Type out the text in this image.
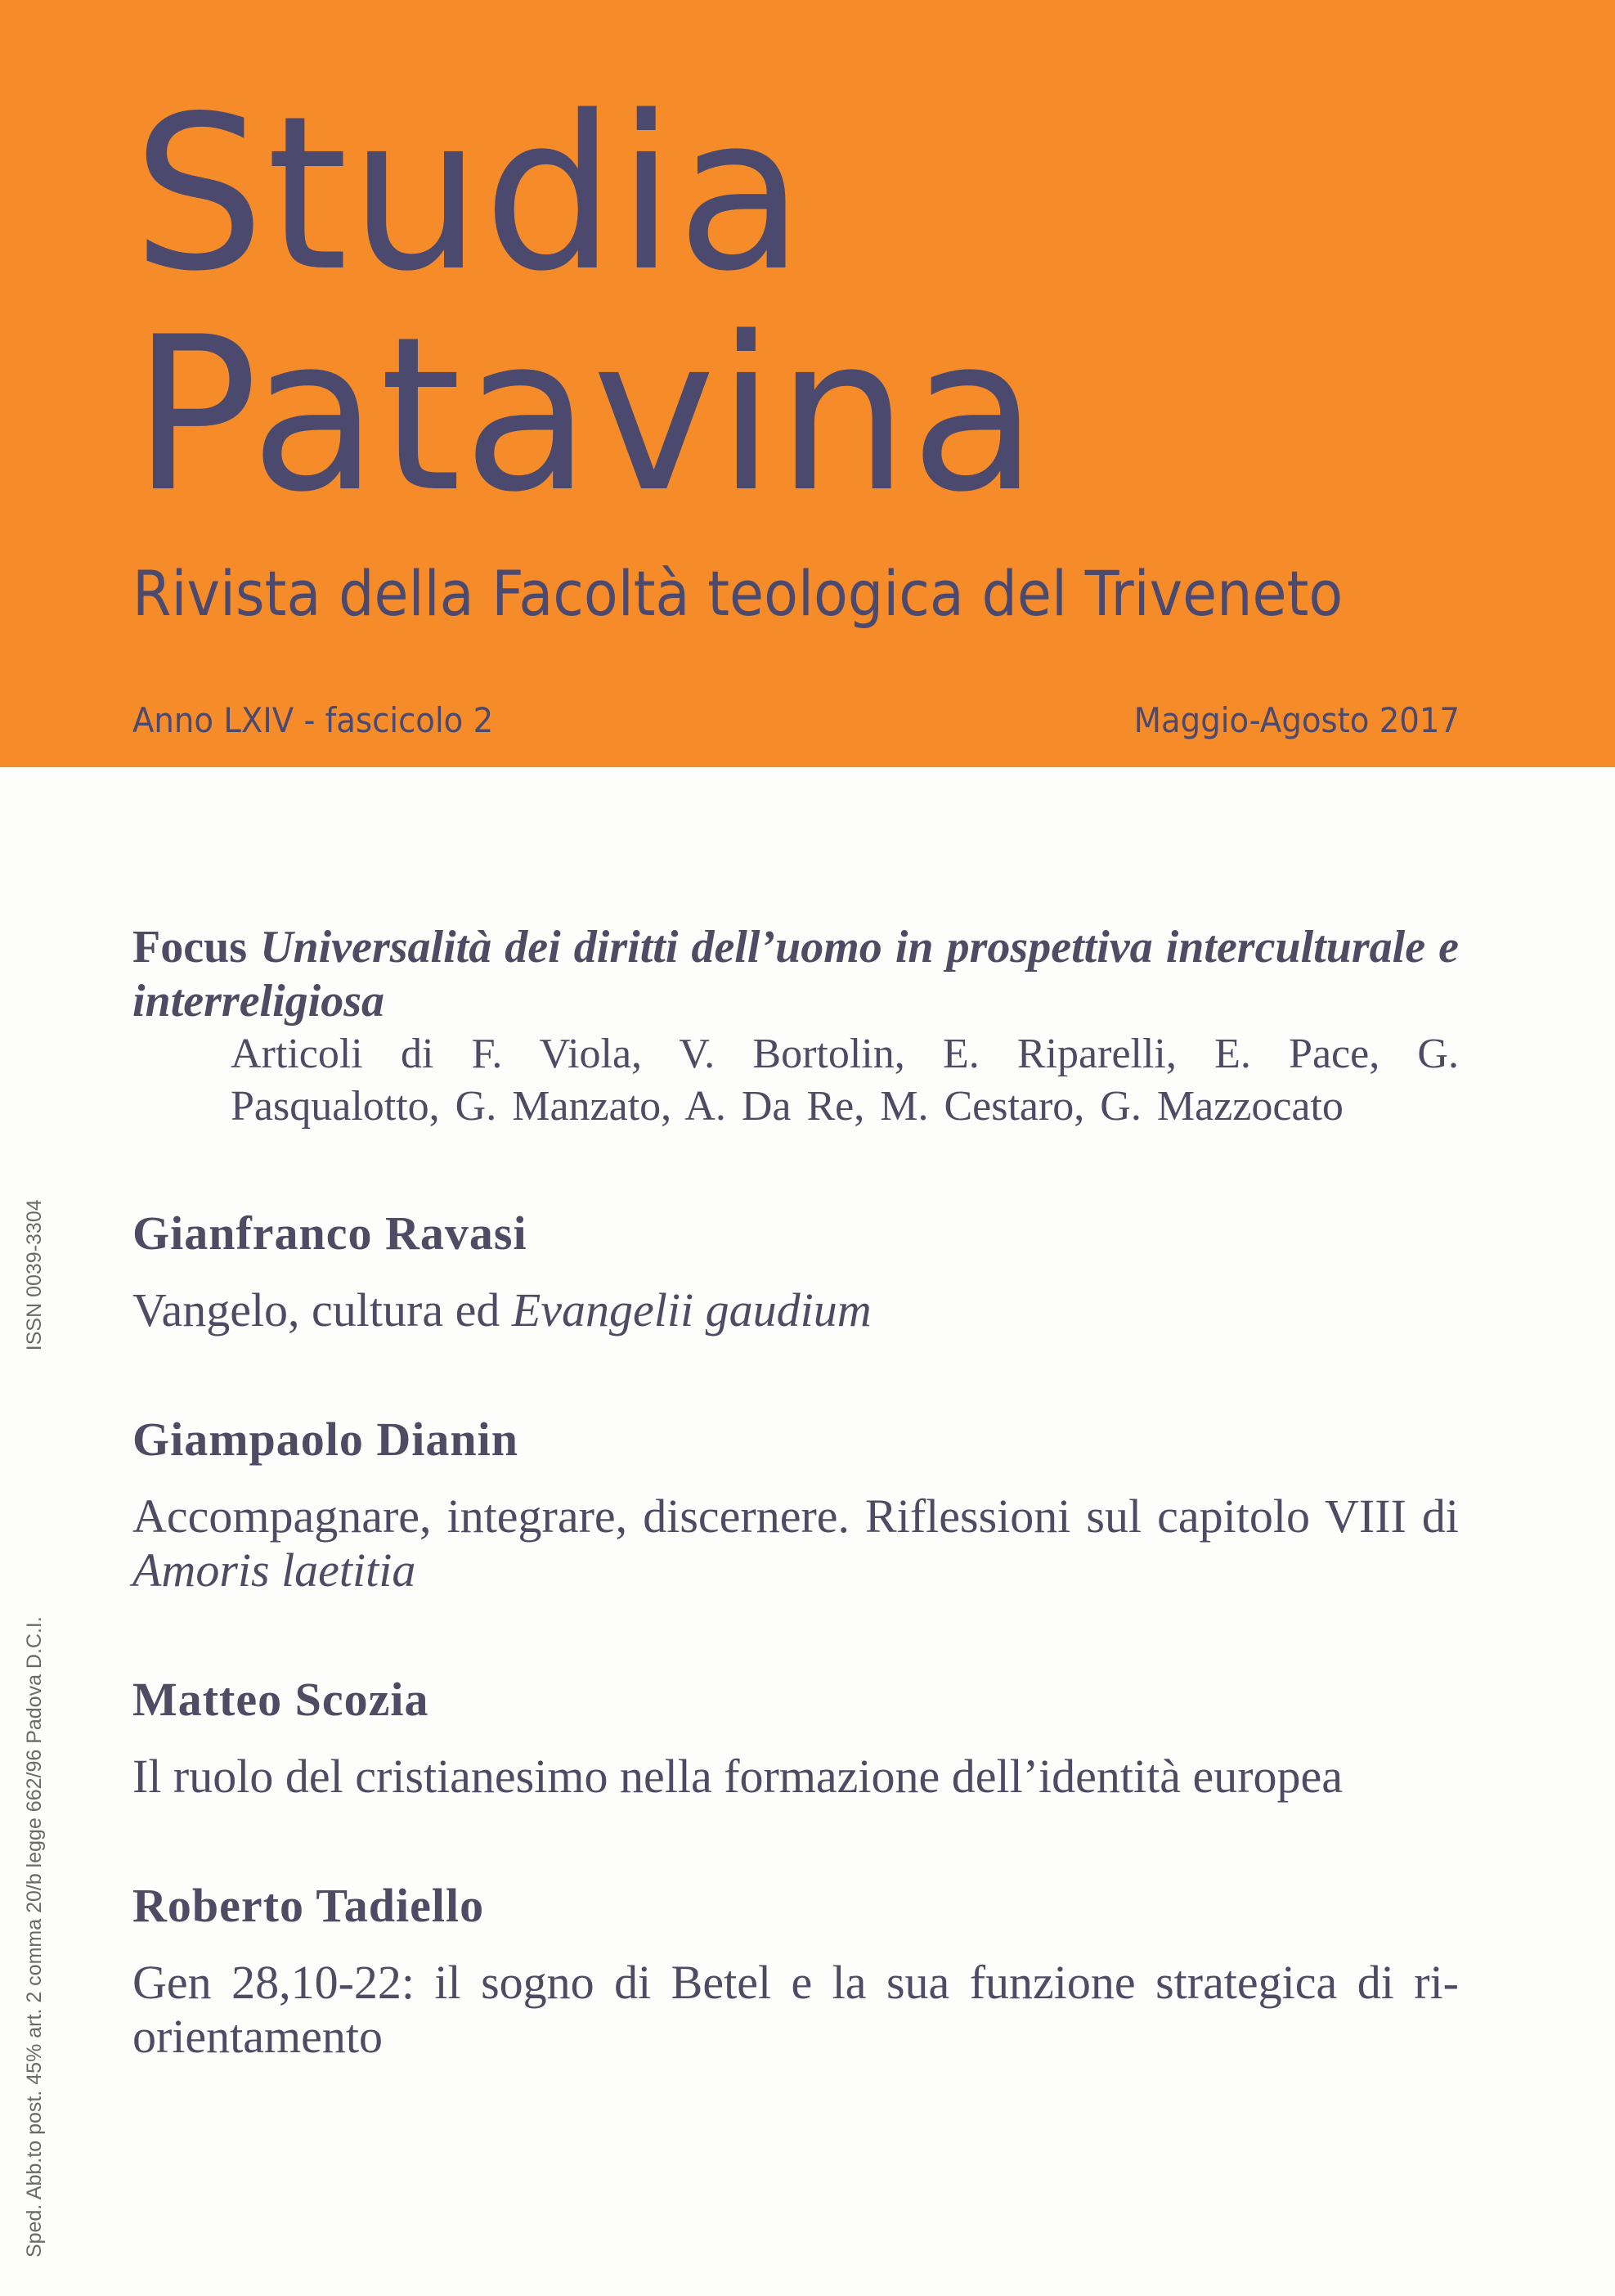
Studia
Patavina

Rivista della Facoltà teologica del Triveneto

Anno LXIV - fascicolo 2	Maggio-Agosto 2017
Sped. Abb.to post. 45% art. 2 comma 20/b legge 662/96 Padova D.C.I. ISSN 0039-3304

Focus Universalità dei diritti dell’uomo in prospettiva interculturale e interreligiosa

Articoli di F. Viola, V. Bortolin, E. Riparelli, E. Pace, G. Pasqualotto, G. Manzato, A. Da Re, M. Cestaro, G. Mazzocato

Gianfranco Ravasi

Vangelo, cultura ed Evangelii gaudium

Giampaolo Dianin

Accompagnare, integrare, discernere. Riflessioni sul capitolo VIII di Amoris laetitia

Matteo Scozia

Il ruolo del cristianesimo nella formazione dell’identità europea

Roberto Tadiello

Gen 28,10-22: il sogno di Betel e la sua funzione strategica di ri-orientamento
